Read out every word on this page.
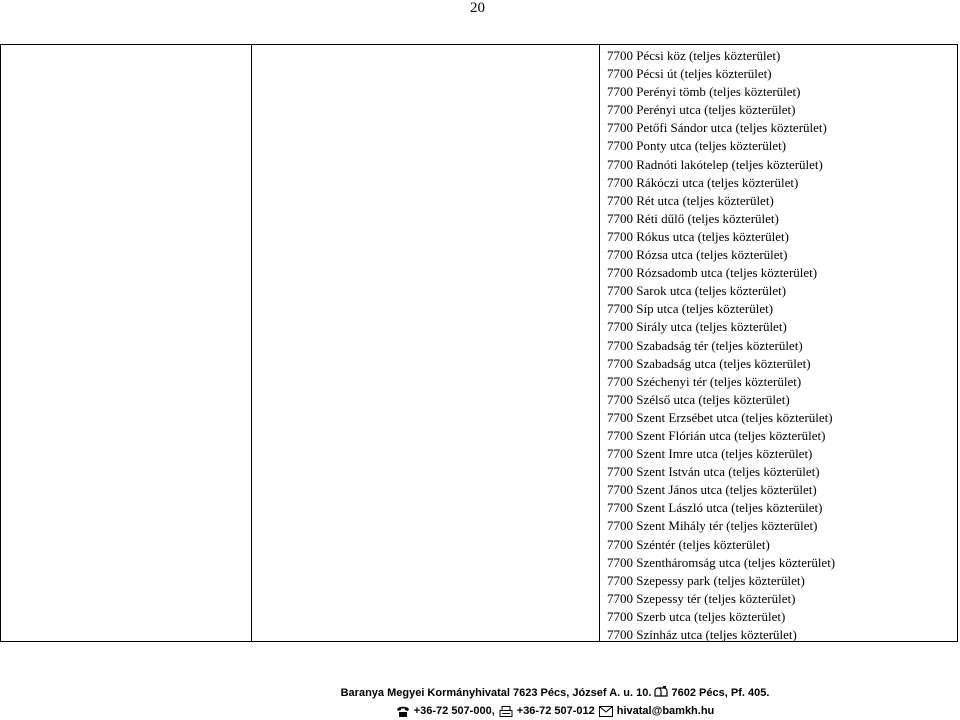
20
7700 Pécsi köz (teljes közterület)
7700 Pécsi út (teljes közterület)
7700 Perényi tömb (teljes közterület)
7700 Perényi utca (teljes közterület)
7700 Petőfi Sándor utca (teljes közterület)
7700 Ponty utca (teljes közterület)
7700 Radnóti lakótelep (teljes közterület)
7700 Rákóczi utca (teljes közterület)
7700 Rét utca (teljes közterület)
7700 Réti dűlő (teljes közterület)
7700 Rókus utca (teljes közterület)
7700 Rózsa utca (teljes közterület)
7700 Rózsadomb utca (teljes közterület)
7700 Sarok utca (teljes közterület)
7700 Síp utca (teljes közterület)
7700 Sirály utca (teljes közterület)
7700 Szabadság tér (teljes közterület)
7700 Szabadság utca (teljes közterület)
7700 Széchenyi tér (teljes közterület)
7700 Szélső utca (teljes közterület)
7700 Szent Erzsébet utca (teljes közterület)
7700 Szent Flórián utca (teljes közterület)
7700 Szent Imre utca (teljes közterület)
7700 Szent István utca (teljes közterület)
7700 Szent János utca (teljes közterület)
7700 Szent László utca (teljes közterület)
7700 Szent Mihály tér (teljes közterület)
7700 Széntér (teljes közterület)
7700 Szentháromság utca (teljes közterület)
7700 Szepessy park (teljes közterület)
7700 Szepessy tér (teljes közterület)
7700 Szerb utca (teljes közterület)
7700 Színház utca (teljes közterület)
Baranya Megyei Kormányhivatal 7623 Pécs, József A. u. 10. 7602 Pécs, Pf. 405.
+36-72 507-000, +36-72 507-012 hivatal@bamkh.hu
